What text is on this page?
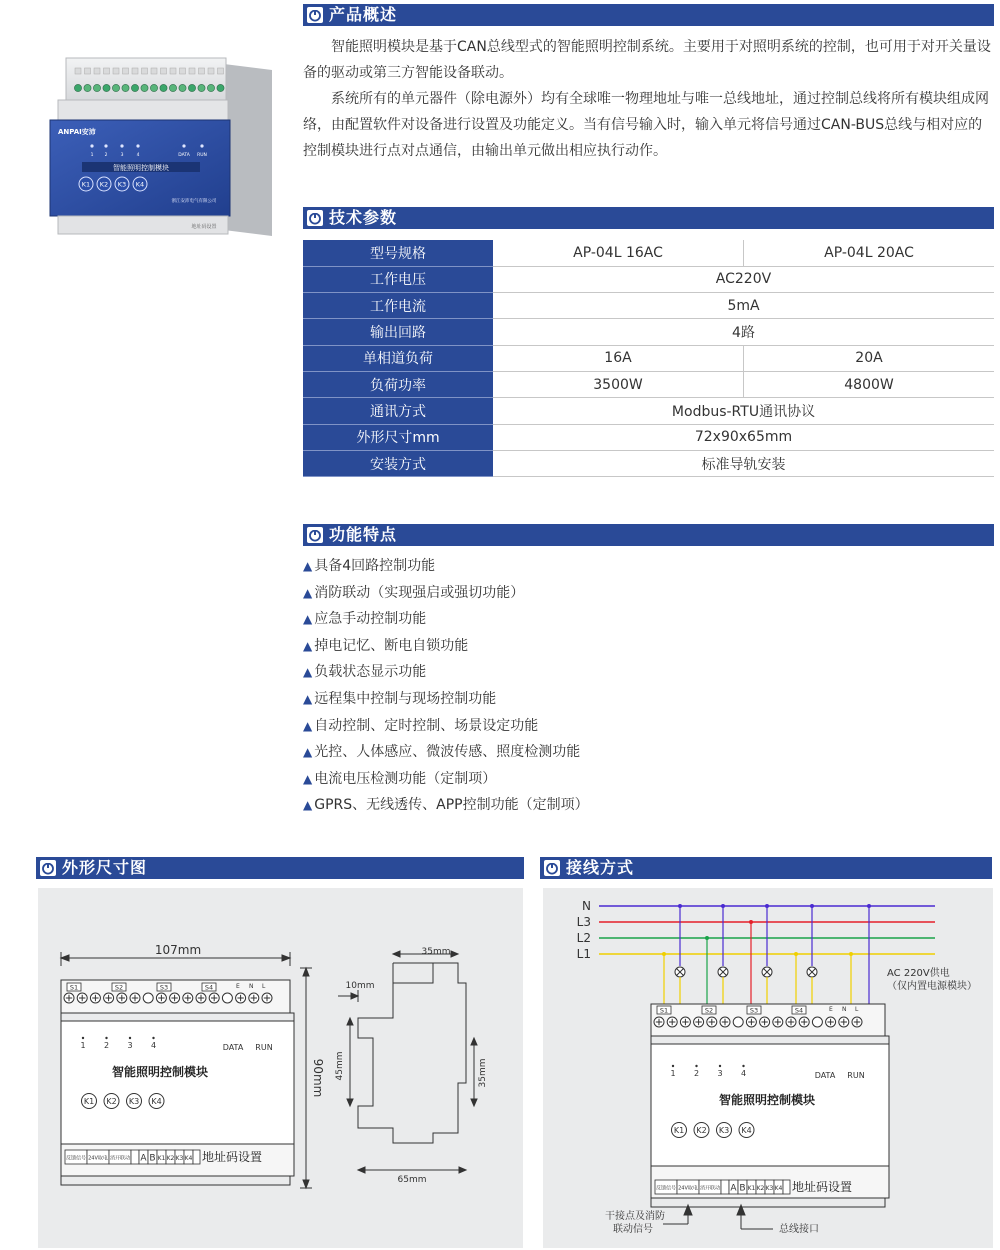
ANPAI安沛
1 2	3	4	DATA RUN
智能照明控制模块
K1 K2 K3 K4
浙江安沛电气有限公司
地址码设置
产品概述

智能照明模块是基于CAN总线型式的智能照明控制系统。主要用于对照明系统的控制，也可用于对开关量设备的驱动或第三方智能设备联动。

系统所有的单元器件（除电源外）均有全球唯一物理地址与唯一总线地址，通过控制总线将所有模块组成网络，由配置软件对设备进行设置及功能定义。当有信号输入时，输入单元将信号通过CAN-BUS总线与相对应的控制模块进行点对点通信，由输出单元做出相应执行动作。

技术参数
型号规格	AP-04L 16AC	AP-04L 20AC
工作电压	AC220V	
工作电流	5mA	
输出回路	4路	
单相道负荷	16A	20A
负荷功率	3500W	4800W
通讯方式	Modbus-RTU通讯协议	
外形尺寸mm	72x90x65mm	
安装方式	标准导轨安装	
功能特点
▲ 具备4回路控制功能
▲ 消防联动（实现强启或强切功能）
▲ 应急手动控制功能
▲ 掉电记忆、断电自锁功能
▲ 负载状态显示功能
▲ 远程集中控制与现场控制功能
▲ 自动控制、定时控制、场景设定功能
▲ 光控、人体感应、微波传感、照度检测功能
▲ 电流电压检测功能（定制项）
▲ GPRS、无线透传、APP控制功能（定制项）
外形尺寸图
S1	S2	S3	S4
107mm
90mm
E N L
1 2 3 4	DATA RUN
智能照明控制模块
K1 K2 K3 K4
反馈信号 24V取电 消开联动 A B K1 K2 K3 K4 地址码设置
35mm
10mm
45mm	35mm
65mm
接线方式
N
L3
L2
L1
S1	S2	S3	S4	E N L
1 2 3 4	DATA RUN
智能照明控制模块
K1 K2 K3 K4
反馈信号 24V取电 消开联动 A B K1 K2 K3 K4 地址码设置
AC 220V供电
（仅内置电源模块）
干接点及消防
联动信号	总线接口
